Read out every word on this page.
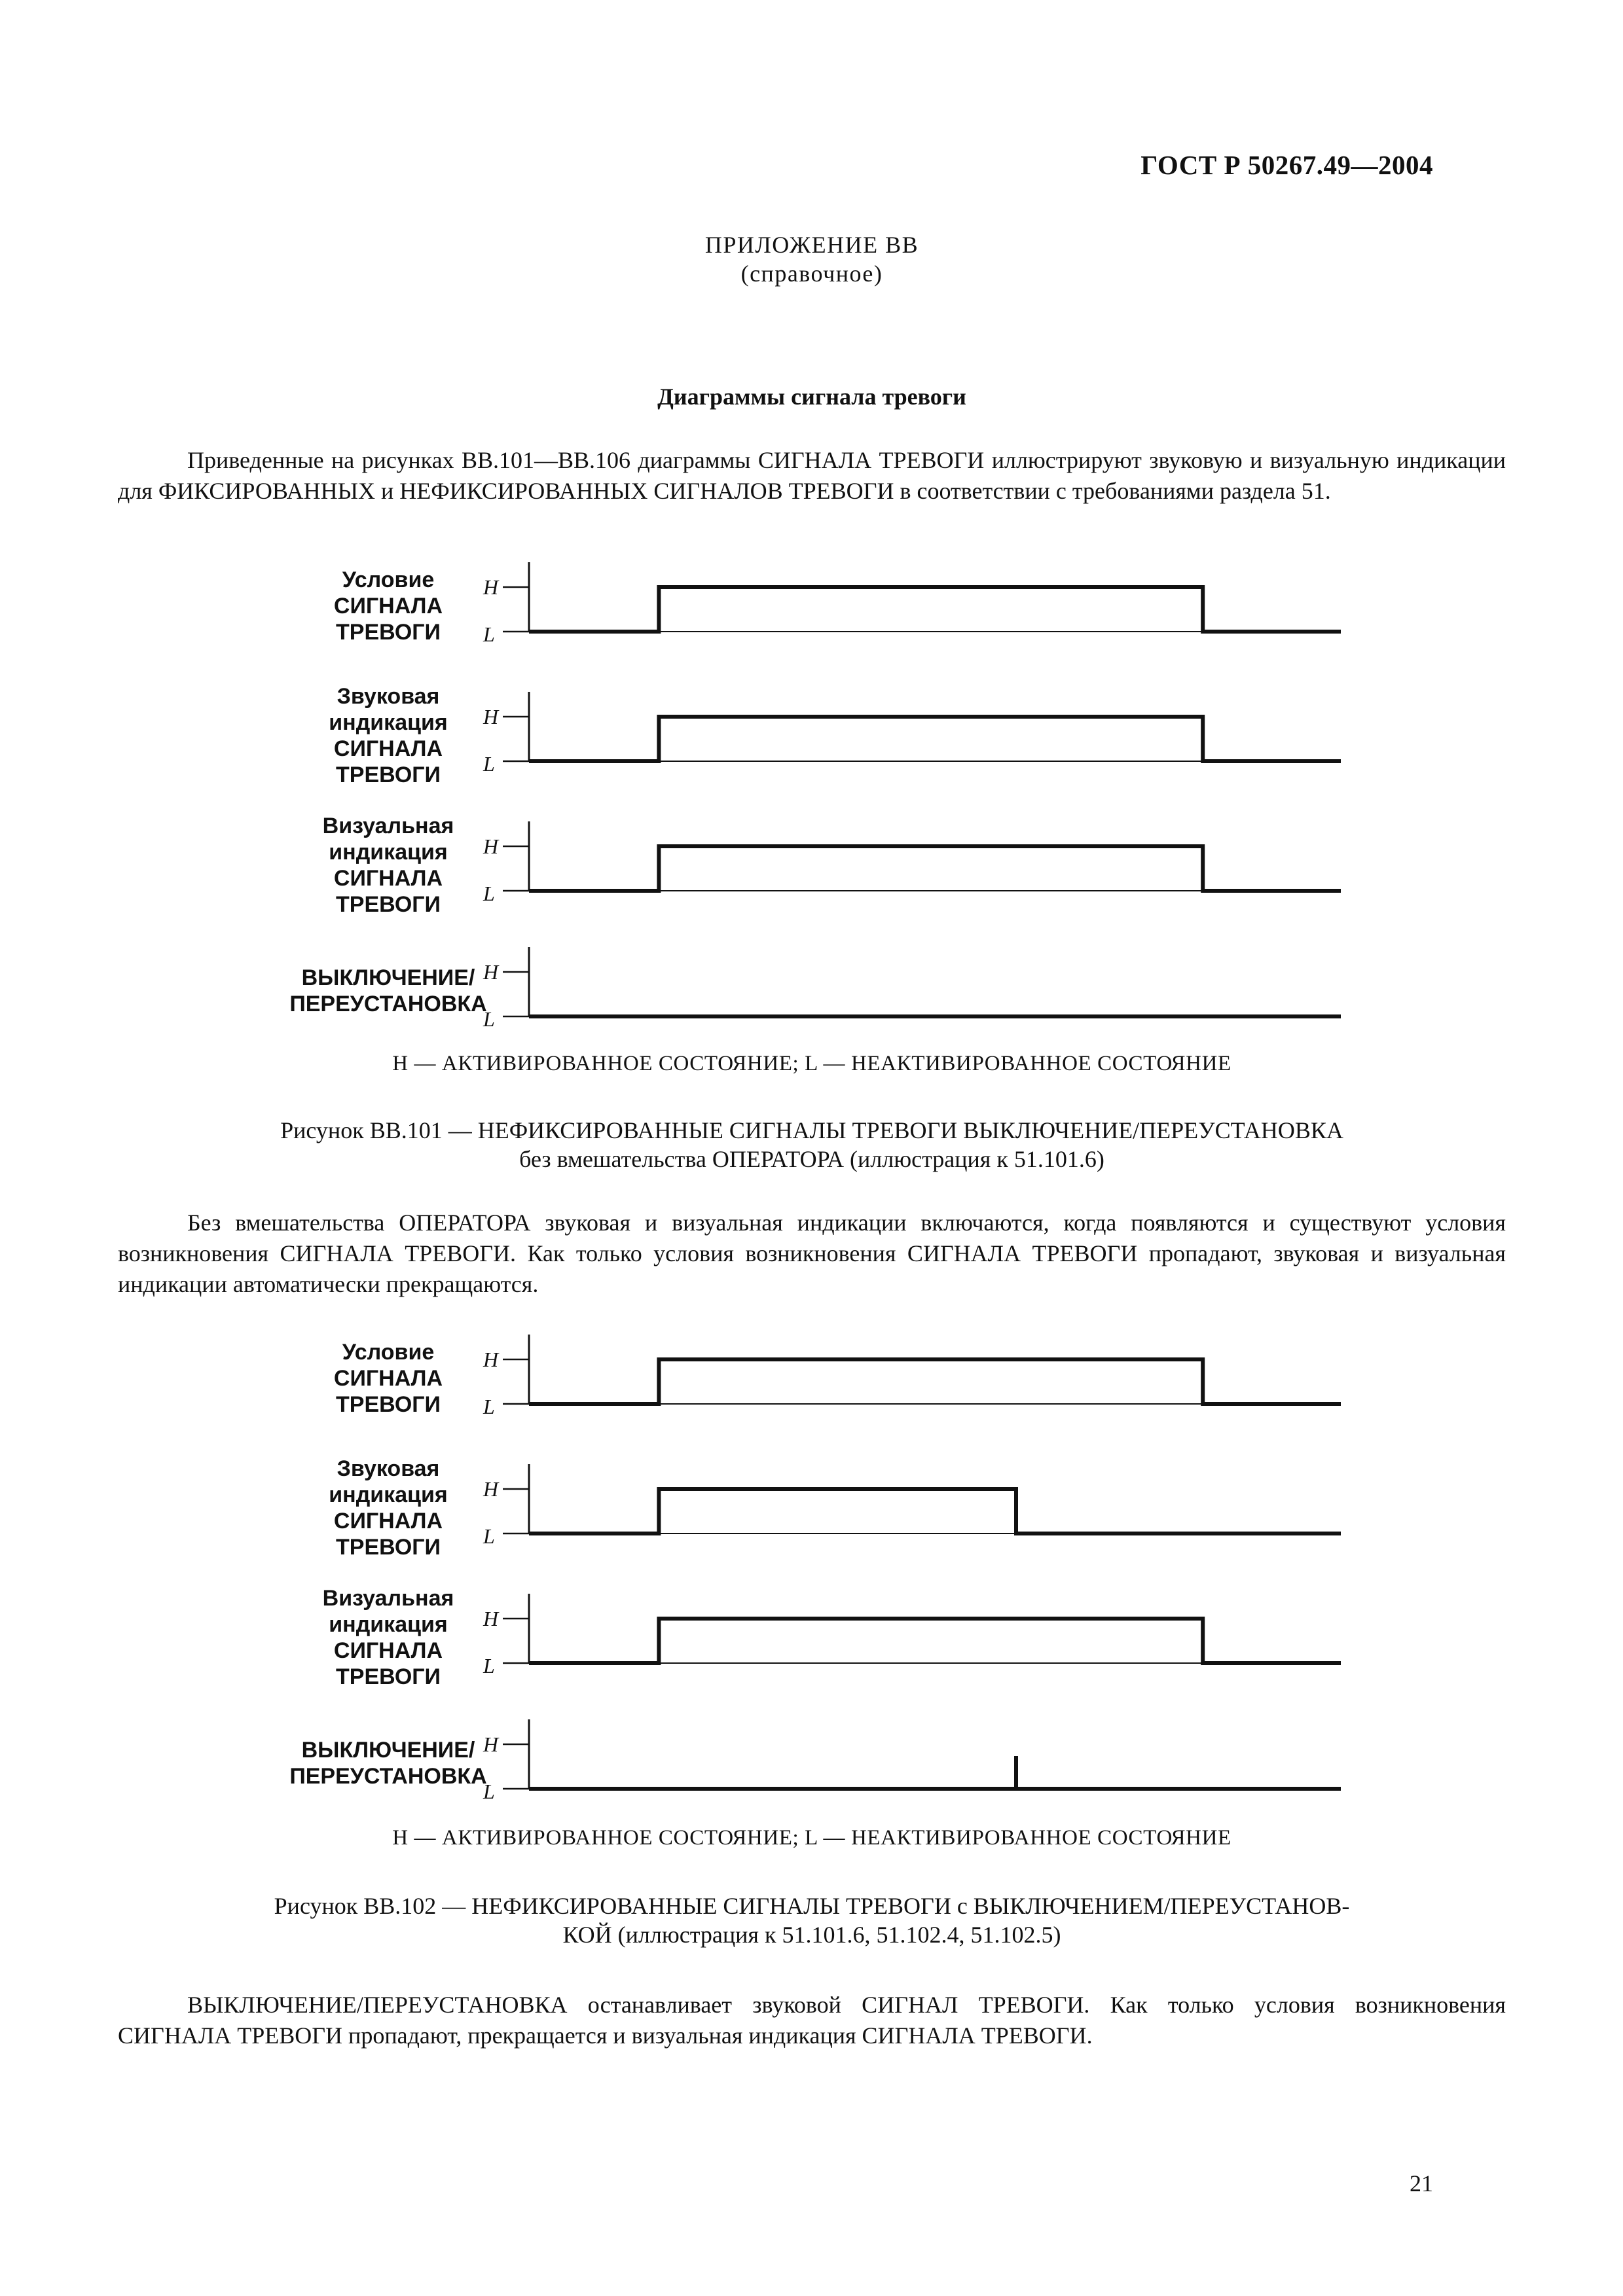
ГОСТ Р 50267.49—2004
ПРИЛОЖЕНИЕ ВВ
(справочное)
Диаграммы сигнала тревоги

Приведенные на рисунках ВВ.101—ВВ.106 диаграммы СИГНАЛА ТРЕВОГИ иллюстрируют звуковую и визуальную индикации для ФИКСИРОВАННЫХ и НЕФИКСИРОВАННЫХ СИГНАЛОВ ТРЕВОГИ в соответствии с требованиями раздела 51.

Условие
СИГНАЛА
ТРЕВОГИ
H
L
Звуковая
индикация
СИГНАЛА
ТРЕВОГИ
H
L
Визуальная
индикация
СИГНАЛА
ТРЕВОГИ
H
L
ВЫКЛЮЧЕНИЕ/
ПЕРЕУСТАНОВКА
H
L
H — АКТИВИРОВАННОЕ СОСТОЯНИЕ; L — НЕАКТИВИРОВАННОЕ СОСТОЯНИЕ
Рисунок ВВ.101 — НЕФИКСИРОВАННЫЕ СИГНАЛЫ ТРЕВОГИ ВЫКЛЮЧЕНИЕ/ПЕРЕУСТАНОВКА
без вмешательства ОПЕРАТОРА (иллюстрация к 51.101.6)

Без вмешательства ОПЕРАТОРА звуковая и визуальная индикации включаются, когда появляются и существуют условия возникновения СИГНАЛА ТРЕВОГИ. Как только условия возникновения СИГНАЛА ТРЕВОГИ пропадают, звуковая и визуальная индикации автоматически прекращаются.

Условие
СИГНАЛА
ТРЕВОГИ
H
L
Звуковая
индикация
СИГНАЛА
ТРЕВОГИ
H
L
Визуальная
индикация
СИГНАЛА
ТРЕВОГИ
H
L
ВЫКЛЮЧЕНИЕ/
ПЕРЕУСТАНОВКА
H
L
H — АКТИВИРОВАННОЕ СОСТОЯНИЕ; L — НЕАКТИВИРОВАННОЕ СОСТОЯНИЕ
Рисунок ВВ.102 — НЕФИКСИРОВАННЫЕ СИГНАЛЫ ТРЕВОГИ с ВЫКЛЮЧЕНИЕМ/ПЕРЕУСТАНОВ-
КОЙ (иллюстрация к 51.101.6, 51.102.4, 51.102.5)

ВЫКЛЮЧЕНИЕ/ПЕРЕУСТАНОВКА останавливает звуковой СИГНАЛ ТРЕВОГИ. Как только условия возникновения СИГНАЛА ТРЕВОГИ пропадают, прекращается и визуальная индикация СИГНАЛА ТРЕВОГИ.

21
